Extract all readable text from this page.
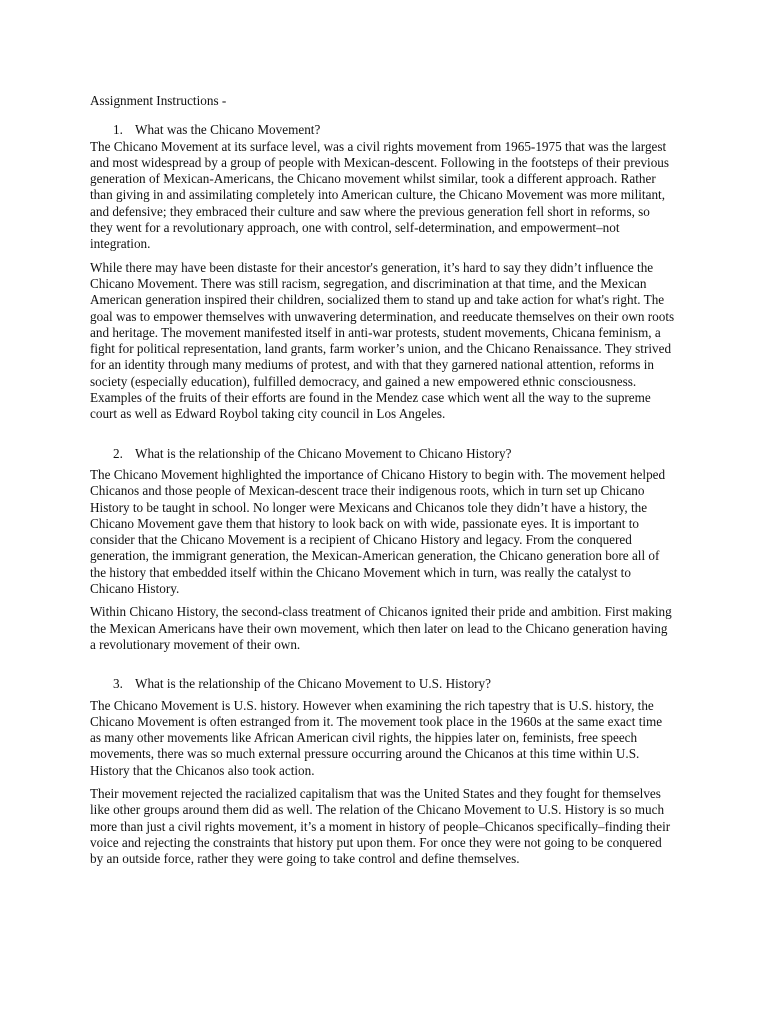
Assignment Instructions -

1. What was the Chicano Movement?

The Chicano Movement at its surface level, was a civil rights movement from 1965-1975 that was the largest and most widespread by a group of people with Mexican-descent. Following in the footsteps of their previous generation of Mexican-Americans, the Chicano movement whilst similar, took a different approach. Rather than giving in and assimilating completely into American culture, the Chicano Movement was more militant, and defensive; they embraced their culture and saw where the previous generation fell short in reforms, so they went for a revolutionary approach, one with control, self-determination, and empowerment–not integration.

While there may have been distaste for their ancestor's generation, it’s hard to say they didn’t influence the Chicano Movement. There was still racism, segregation, and discrimination at that time, and the Mexican American generation inspired their children, socialized them to stand up and take action for what's right. The goal was to empower themselves with unwavering determination, and reeducate themselves on their own roots and heritage. The movement manifested itself in anti-war protests, student movements, Chicana feminism, a fight for political representation, land grants, farm worker’s union, and the Chicano Renaissance. They strived for an identity through many mediums of protest, and with that they garnered national attention, reforms in society (especially education), fulfilled democracy, and gained a new empowered ethnic consciousness. Examples of the fruits of their efforts are found in the Mendez case which went all the way to the supreme court as well as Edward Roybol taking city council in Los Angeles.

2. What is the relationship of the Chicano Movement to Chicano History?

The Chicano Movement highlighted the importance of Chicano History to begin with. The movement helped Chicanos and those people of Mexican-descent trace their indigenous roots, which in turn set up Chicano History to be taught in school. No longer were Mexicans and Chicanos tole they didn’t have a history, the Chicano Movement gave them that history to look back on with wide, passionate eyes. It is important to consider that the Chicano Movement is a recipient of Chicano History and legacy. From the conquered generation, the immigrant generation, the Mexican-American generation, the Chicano generation bore all of the history that embedded itself within the Chicano Movement which in turn, was really the catalyst to Chicano History.

Within Chicano History, the second-class treatment of Chicanos ignited their pride and ambition. First making the Mexican Americans have their own movement, which then later on lead to the Chicano generation having a revolutionary movement of their own.

3. What is the relationship of the Chicano Movement to U.S. History?

The Chicano Movement is U.S. history. However when examining the rich tapestry that is U.S. history, the Chicano Movement is often estranged from it. The movement took place in the 1960s at the same exact time as many other movements like African American civil rights, the hippies later on, feminists, free speech movements, there was so much external pressure occurring around the Chicanos at this time within U.S. History that the Chicanos also took action.

Their movement rejected the racialized capitalism that was the United States and they fought for themselves like other groups around them did as well. The relation of the Chicano Movement to U.S. History is so much more than just a civil rights movement, it’s a moment in history of people–Chicanos specifically–finding their voice and rejecting the constraints that history put upon them. For once they were not going to be conquered by an outside force, rather they were going to take control and define themselves.
